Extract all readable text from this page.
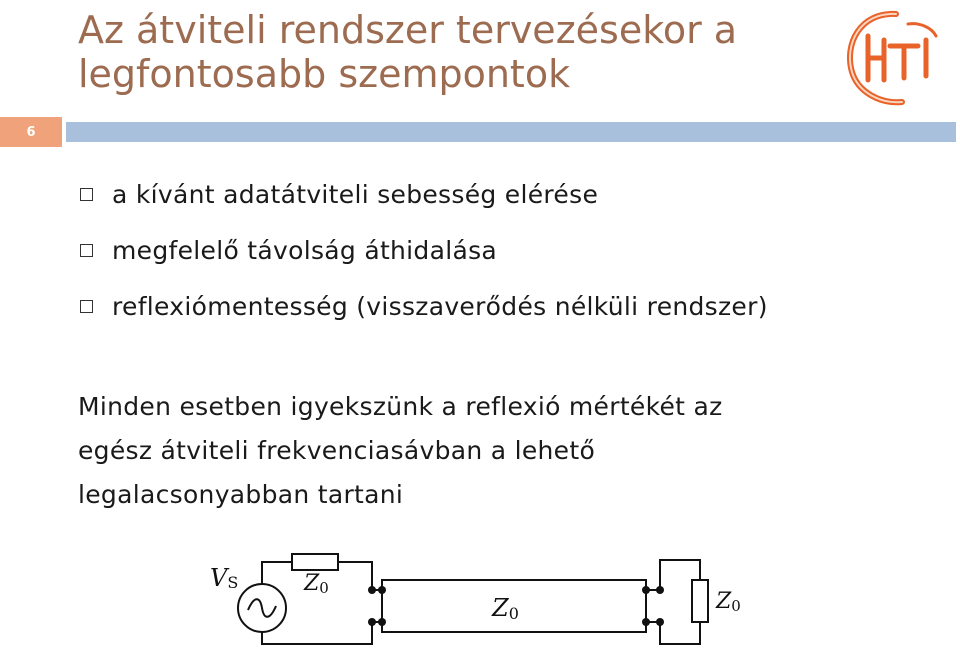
Az átviteli rendszer tervezésekor a
legfontosabb szempontok
6
a kívánt adatátviteli sebesség elérése
megfelelő távolság áthidalása
reflexiómentesség (visszaverődés nélküli rendszer)

Minden esetben igyekszünk a reflexió mértékét az
egész átviteli frekvenciasávban a lehető
legalacsonyabban tartani

VS	Z0
Z0	Z0
